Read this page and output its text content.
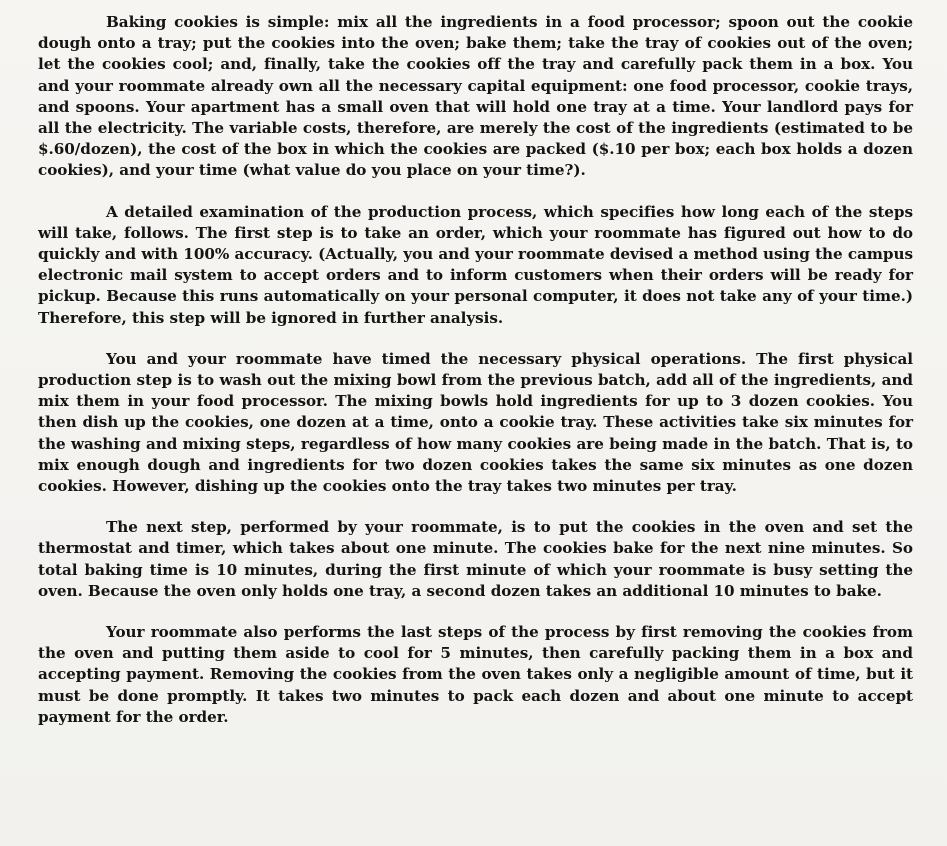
Baking cookies is simple: mix all the ingredients in a food processor; spoon out the cookie dough onto a tray; put the cookies into the oven; bake them; take the tray of cookies out of the oven; let the cookies cool; and, finally, take the cookies off the tray and carefully pack them in a box. You and your roommate already own all the necessary capital equipment: one food processor, cookie trays, and spoons. Your apartment has a small oven that will hold one tray at a time. Your landlord pays for all the electricity. The variable costs, therefore, are merely the cost of the ingredients (estimated to be $.60/dozen), the cost of the box in which the cookies are packed ($.10 per box; each box holds a dozen cookies), and your time (what value do you place on your time?).

A detailed examination of the production process, which specifies how long each of the steps will take, follows. The first step is to take an order, which your roommate has figured out how to do quickly and with 100% accuracy. (Actually, you and your roommate devised a method using the campus electronic mail system to accept orders and to inform customers when their orders will be ready for pickup. Because this runs automatically on your personal computer, it does not take any of your time.) Therefore, this step will be ignored in further analysis.

You and your roommate have timed the necessary physical operations. The first physical production step is to wash out the mixing bowl from the previous batch, add all of the ingredients, and mix them in your food processor. The mixing bowls hold ingredients for up to 3 dozen cookies. You then dish up the cookies, one dozen at a time, onto a cookie tray. These activities take six minutes for the washing and mixing steps, regardless of how many cookies are being made in the batch. That is, to mix enough dough and ingredients for two dozen cookies takes the same six minutes as one dozen cookies. However, dishing up the cookies onto the tray takes two minutes per tray.

The next step, performed by your roommate, is to put the cookies in the oven and set the thermostat and timer, which takes about one minute. The cookies bake for the next nine minutes. So total baking time is 10 minutes, during the first minute of which your roommate is busy setting the oven. Because the oven only holds one tray, a second dozen takes an additional 10 minutes to bake.

Your roommate also performs the last steps of the process by first removing the cookies from the oven and putting them aside to cool for 5 minutes, then carefully packing them in a box and accepting payment. Removing the cookies from the oven takes only a negligible amount of time, but it must be done promptly. It takes two minutes to pack each dozen and about one minute to accept payment for the order.
